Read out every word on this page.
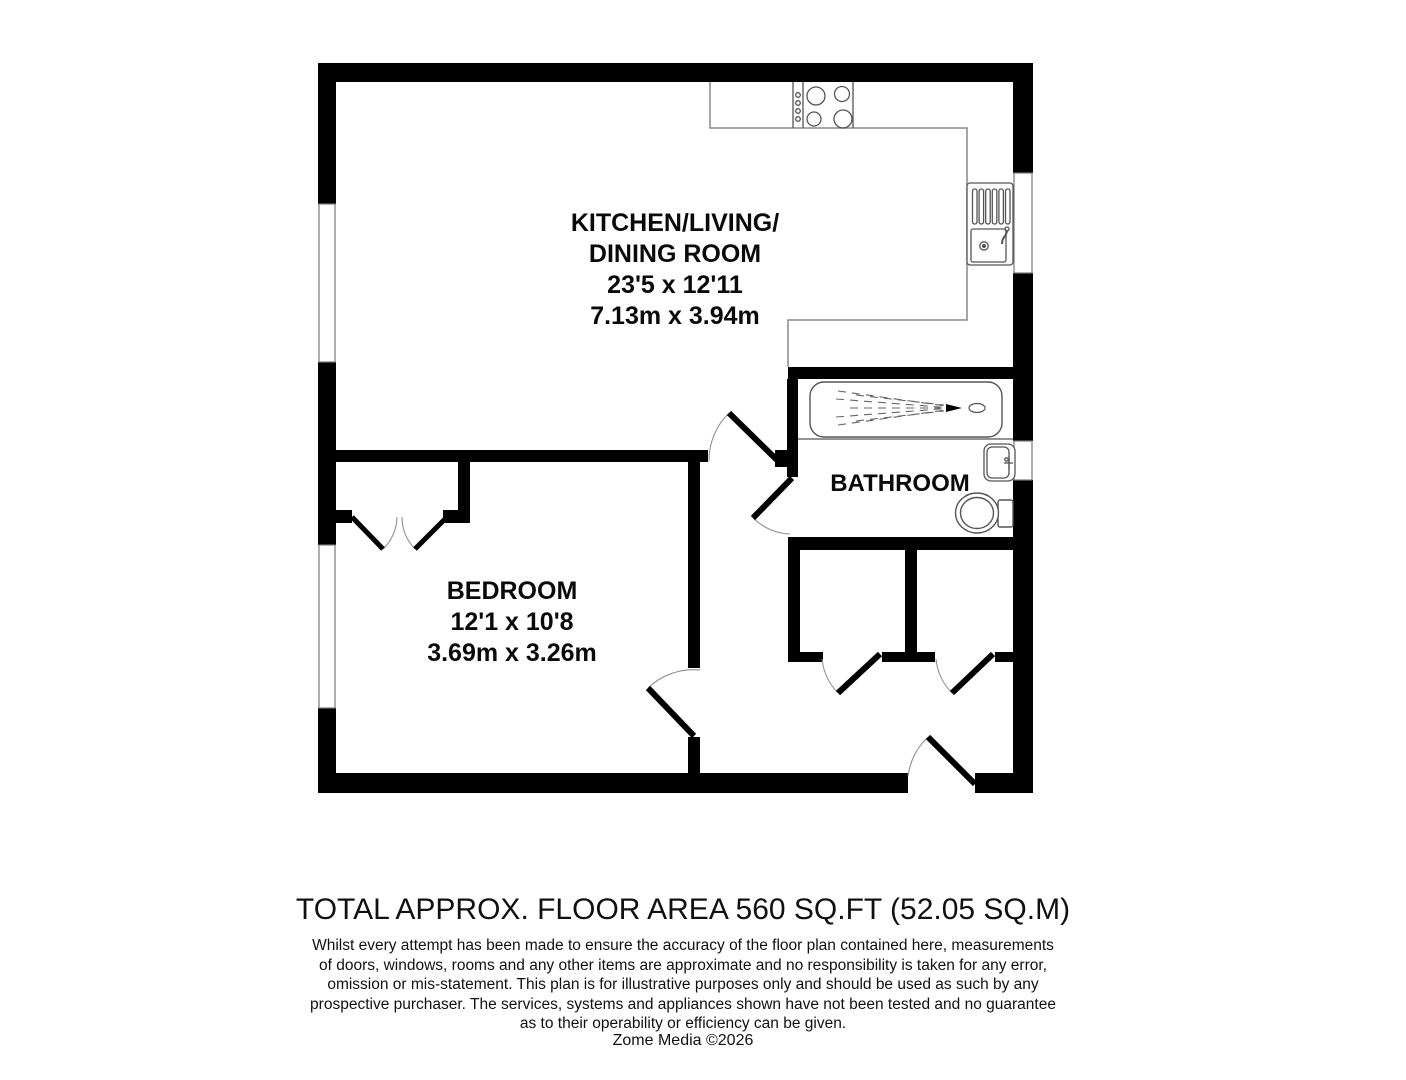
KITCHEN/LIVING/
DINING ROOM
23'5 x 12'11
7.13m x 3.94m
BEDROOM
12'1 x 10'8
3.69m x 3.26m
BATHROOM
TOTAL APPROX. FLOOR AREA 560 SQ.FT (52.05 SQ.M)
Whilst every attempt has been made to ensure the accuracy of the floor plan contained here, measurements
of doors, windows, rooms and any other items are approximate and no responsibility is taken for any error,
omission or mis-statement. This plan is for illustrative purposes only and should be used as such by any
prospective purchaser. The services, systems and appliances shown have not been tested and no guarantee
as to their operability or efficiency can be given.
Zome Media ©2026
